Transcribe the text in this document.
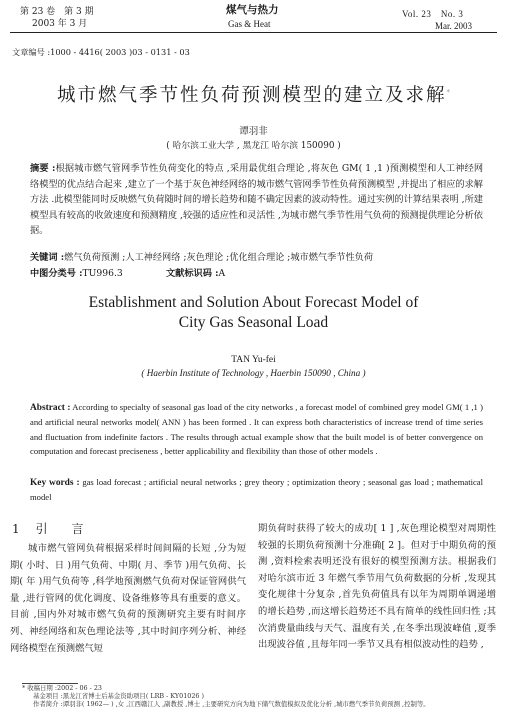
第 23 卷　第 3 期
2003 年 3 月
煤气与热力
Gas & Heat
Vol. 23　No. 3
Mar. 2003
文章编号 :1000 - 4416( 2003 )03 - 0131 - 03
城市燃气季节性负荷预测模型的建立及求解*
谭羽非
( 哈尔滨工业大学 , 黑龙江 哈尔滨 150090 )
摘要 :根据城市燃气管网季节性负荷变化的特点 ,采用最优组合理论 ,将灰色 GM( 1 ,1 )预测模型和人工神经网络模型的优点结合起来 ,建立了一个基于灰色神经网络的城市燃气管网季节性负荷预测模型 ,并提出了相应的求解方法 .此模型能同时反映燃气负荷随时间的增长趋势和随不确定因素的波动特性。通过实例的计算结果表明 ,所建模型具有较高的收敛速度和预测精度 ,较强的适应性和灵活性 ,为城市燃气季节性用气负荷的预测提供理论分析依据。
关键词 :燃气负荷预测 ;人工神经网络 ;灰色理论 ;优化组合理论 ;城市燃气季节性负荷
中图分类号 :TU996.3	文献标识码 :A
Establishment and Solution About Forecast Model of
City Gas Seasonal Load
TAN Yu-fei
( Haerbin Institute of Technology , Haerbin 150090 , China )
Abstract : According to specialty of seasonal gas load of the city networks , a forecast model of combined grey model GM( 1 ,1 ) and artificial neural networks model( ANN ) has been formed . It can express both characteristics of increase trend of time series and fluctuation from indefinite factors . The results through actual example show that the built model is of better convergence on computation and forecast preciseness , better applicability and flexibility than those of other models .
Key words : gas load forecast ; artificial neural networks ; grey theory ; optimization theory ; seasonal gas load ; mathematical model
1 引　　言
城市燃气管网负荷根据采样时间间隔的长短 ,分为短期( 小时、日 )用气负荷、中期( 月、季节 )用气负荷、长期( 年 )用气负荷等 ,科学地预测燃气负荷对保证管网供气量 ,进行管网的优化调度、设备维修等具有重要的意义。目前 ,国内外对城市燃气负荷的预测研究主要有时间序列、神经网络和灰色理论法等 ,其中时间序列分析、神经网络模型在预测燃气短
期负荷时获得了较大的成功[ 1 ] ,灰色理论模型对周期性较强的长期负荷预测十分准确[ 2 ]。但对于中期负荷的预测 ,资料检索表明还没有很好的模型预测方法。根据我们对哈尔滨市近 3 年燃气季节用气负荷数据的分析 ,发现其变化规律十分复杂 ,首先负荷值具有以年为周期单调递增的增长趋势 ,而这增长趋势还不具有简单的线性回归性 ;其次消费量曲线与天气、温度有关 ,在冬季出现波峰值 ,夏季出现波谷值 ,且每年同一季节又具有相似波动性的趋势 ,
* 收稿日期 :2002 - 06 - 23
基金项目 :黑龙江省博士后基金资助项目( LRB - KY01026 )
作者简介 :谭羽非( 1962— ) ,女 ,江西赣江人 ,副教授 ,博士 ,主要研究方向为地下储气数值模拟及优化分析 ,城市燃气季节负荷预测 ,控制等。
